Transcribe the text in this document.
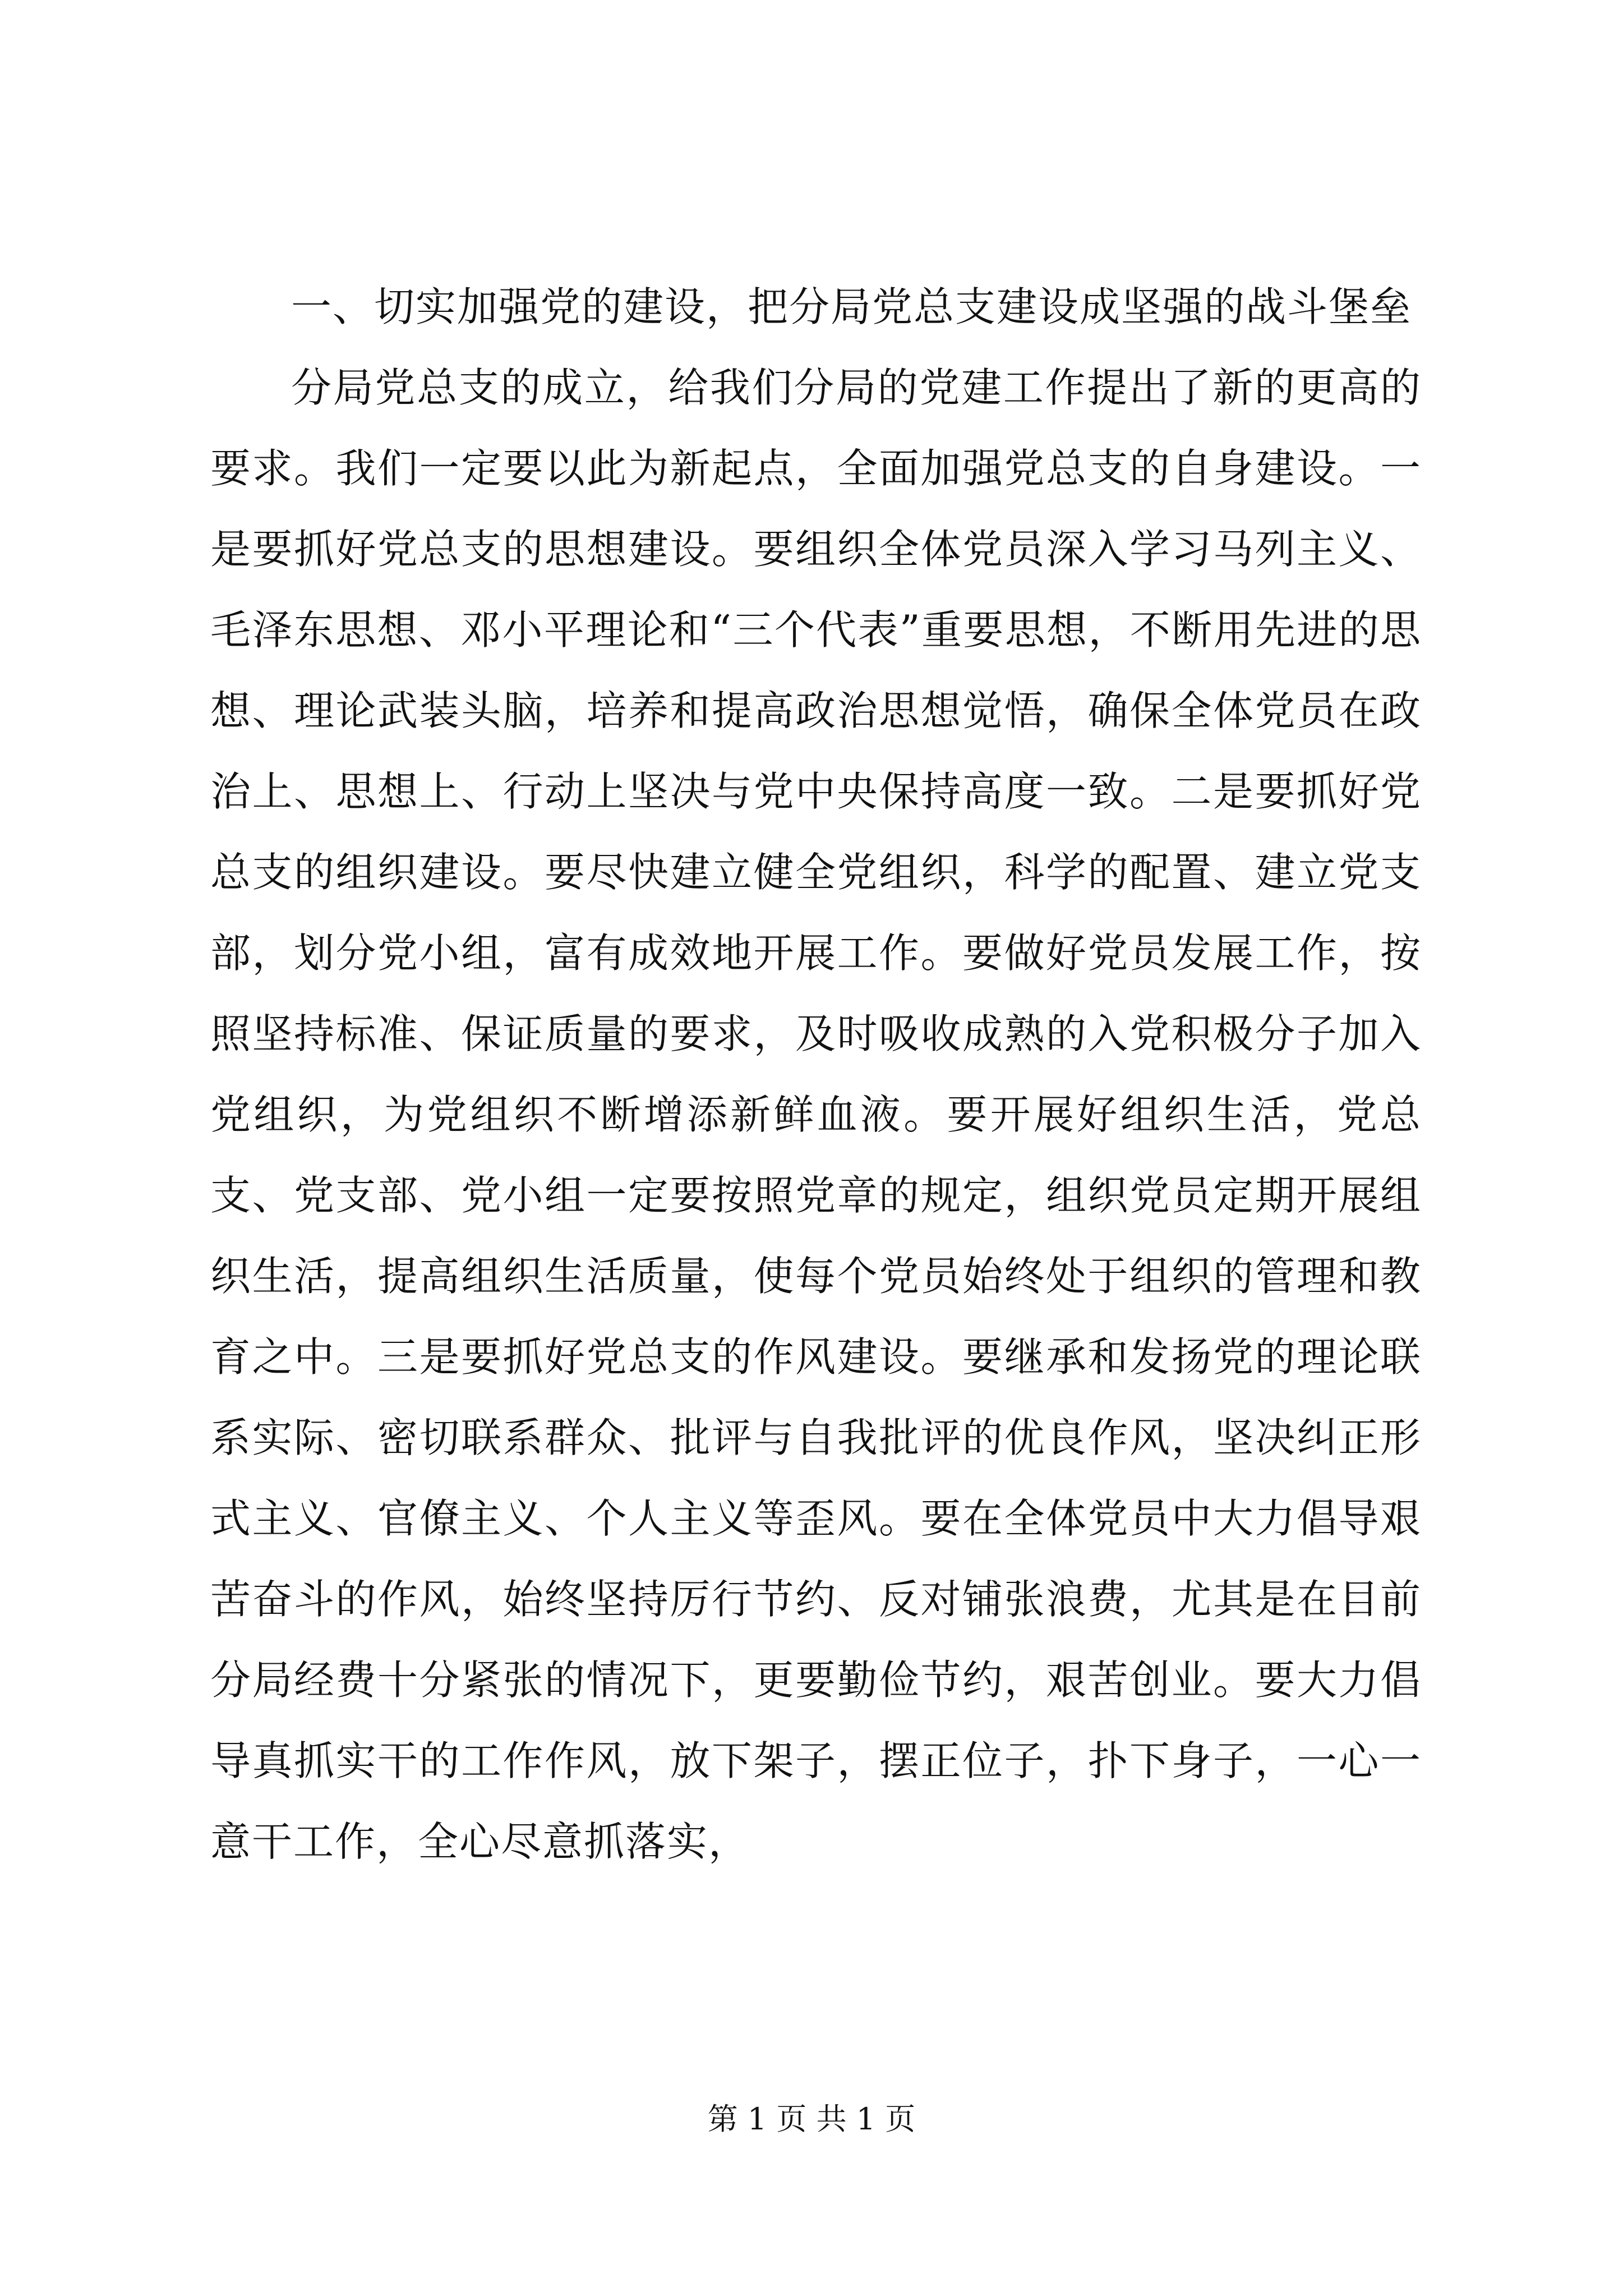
一、切实加强党的建设，把分局党总支建设成坚强的战斗堡垒

分局党总支的成立，给我们分局的党建工作提出了新的更高的要求。我们一定要以此为新起点，全面加强党总支的自身建设。一是要抓好党总支的思想建设。要组织全体党员深入学习马列主义、毛泽东思想、邓小平理论和“三个代表”重要思想，不断用先进的思想、理论武装头脑，培养和提高政治思想觉悟，确保全体党员在政治上、思想上、行动上坚决与党中央保持高度一致。二是要抓好党总支的组织建设。要尽快建立健全党组织，科学的配置、建立党支部，划分党小组，富有成效地开展工作。要做好党员发展工作，按照坚持标准、保证质量的要求，及时吸收成熟的入党积极分子加入党组织，为党组织不断增添新鲜血液。要开展好组织生活，党总支、党支部、党小组一定要按照党章的规定，组织党员定期开展组织生活，提高组织生活质量，使每个党员始终处于组织的管理和教育之中。三是要抓好党总支的作风建设。要继承和发扬党的理论联系实际、密切联系群众、批评与自我批评的优良作风，坚决纠正形式主义、官僚主义、个人主义等歪风。要在全体党员中大力倡导艰苦奋斗的作风，始终坚持厉行节约、反对铺张浪费，尤其是在目前分局经费十分紧张的情况下，更要勤俭节约，艰苦创业。要大力倡导真抓实干的工作作风，放下架子，摆正位子，扑下身子，一心一意干工作，全心尽意抓落实，

第 1 页 共 1 页
